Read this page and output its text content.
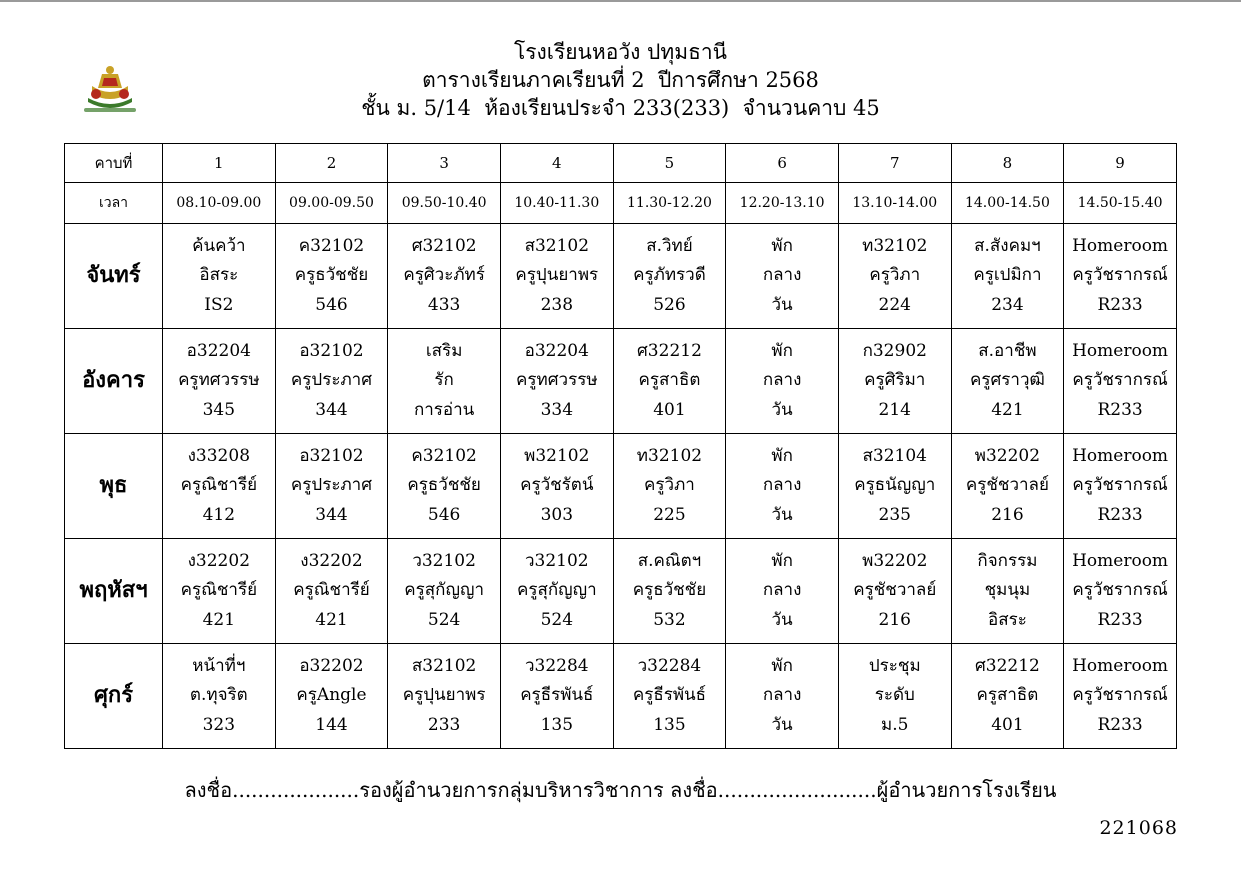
โรงเรียนหอวัง ปทุมธานี
ตารางเรียนภาคเรียนที่ 2  ปีการศึกษา 2568
ชั้น ม. 5/14  ห้องเรียนประจำ 233(233)  จำนวนคาบ 45
คาบที่	1	2	3	4	5	6	7	8	9
เวลา	08.10-09.00	09.00-09.50	09.50-10.40	10.40-11.30	11.30-12.20	12.20-13.10	13.10-14.00	14.00-14.50	14.50-15.40
จันทร์	ค้นคว้า
อิสระ
IS2	ค32102
ครูธวัชชัย
546	ศ32102
ครูศิวะภัทร์
433	ส32102
ครูปุนยาพร
238	ส.วิทย์
ครูภัทรวดี
526	พัก
กลาง
วัน	ท32102
ครูวิภา
224	ส.สังคมฯ
ครูเปมิกา
234	Homeroom
ครูวัชรากรณ์
R233

อังคาร	อ32204
ครูทศวรรษ
345	อ32102
ครูประภาศ
344	เสริม
รัก
การอ่าน	อ32204
ครูทศวรรษ
334	ศ32212
ครูสาธิต
401	พัก
กลาง
วัน	ก32902
ครูศิริมา
214	ส.อาชีพ
ครูศราวุฒิ
421	Homeroom
ครูวัชรากรณ์
R233

พุธ	ง33208
ครูณิชารีย์
412	อ32102
ครูประภาศ
344	ค32102
ครูธวัชชัย
546	พ32102
ครูวัชรัตน์
303	ท32102
ครูวิภา
225	พัก
กลาง
วัน	ส32104
ครูธนัญญา
235	พ32202
ครูชัชวาลย์
216	Homeroom
ครูวัชรากรณ์
R233

พฤหัสฯ	ง32202
ครูณิชารีย์
421	ง32202
ครูณิชารีย์
421	ว32102
ครูสุกัญญา
524	ว32102
ครูสุกัญญา
524	ส.คณิตฯ
ครูธวัชชัย
532	พัก
กลาง
วัน	พ32202
ครูชัชวาลย์
216	กิจกรรม
ชุมนุม
อิสระ	Homeroom
ครูวัชรากรณ์
R233

ศุกร์	หน้าที่ฯ
ต.ทุจริต
323	อ32202
ครูAngle
144	ส32102
ครูปุนยาพร
233	ว32284
ครูธีรพันธ์
135	ว32284
ครูธีรพันธ์
135	พัก
กลาง
วัน	ประชุม
ระดับ
ม.5	ศ32212
ครูสาธิต
401	Homeroom
ครูวัชรากรณ์
R233
ลงชื่อ....................รองผู้อำนวยการกลุ่มบริหารวิชาการ ลงชื่อ.........................ผู้อำนวยการโรงเรียน
221068
